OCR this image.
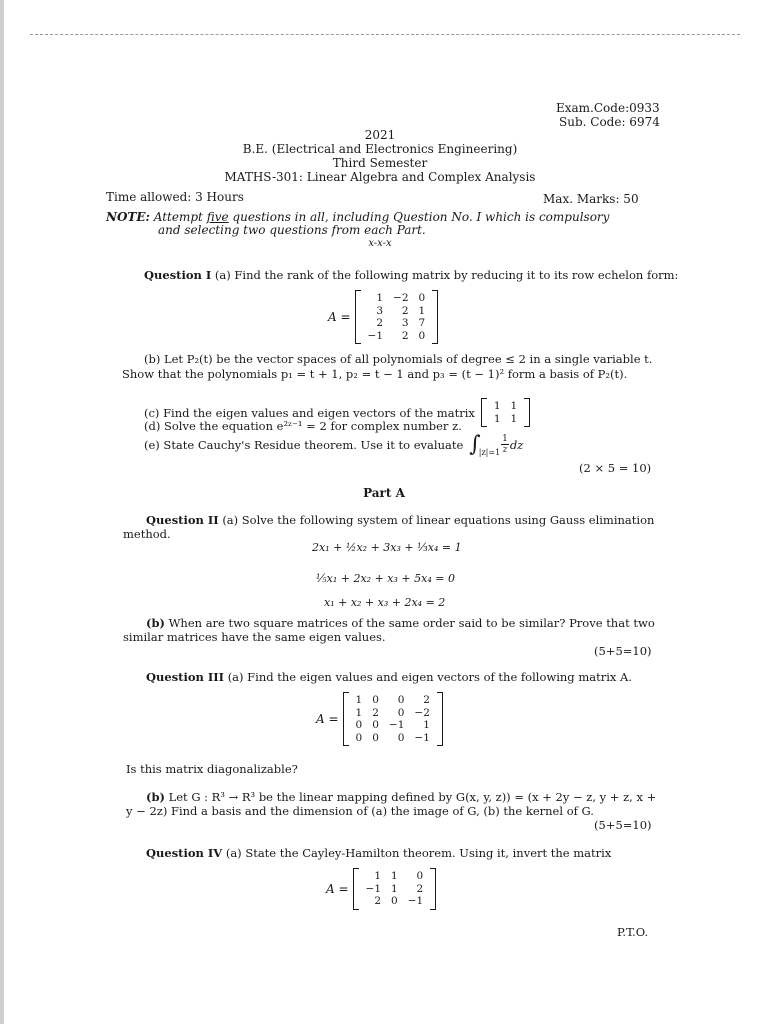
Exam.Code:0933
Sub. Code: 6974
2021
B.E. (Electrical and Electronics Engineering)
Third Semester
MATHS-301: Linear Algebra and Complex Analysis
Time allowed: 3 Hours	Max. Marks: 50
NOTE: Attempt five questions in all, including Question No. I which is compulsory
and selecting two questions from each Part.
x-x-x
Question I (a) Find the rank of the following matrix by reducing it to its row echelon form:
A =
1	−2	0
3	2	1
2	3	7
−1	2	0
(b) Let P₂(t) be the vector spaces of all polynomials of degree ≤ 2 in a single variable t.
Show that the polynomials p₁ = t + 1, p₂ = t − 1 and p₃ = (t − 1)² form a basis of P₂(t).
(c) Find the eigen values and eigen vectors of the matrix 1	1
1	1
(d) Solve the equation e²ᶻ⁻¹ = 2 for complex number z.
(e) State Cauchy's Residue theorem. Use it to evaluate ∫
$|z|=1 \frac{1}{z}$ dz
(2 × 5 = 10)
Part A
Question II (a) Solve the following system of linear equations using Gauss elimination
method.
2x₁ + ½x₂ + 3x₃ + ⅓x₄ = 1
⅕x₁ + 2x₂ + x₃ + 5x₄ = 0
x₁ + x₂ + x₃ + 2x₄ = 2
(b) When are two square matrices of the same order said to be similar? Prove that two
similar matrices have the same eigen values.
(5+5=10)
Question III (a) Find the eigen values and eigen vectors of the following matrix A.
A =
1	0	0	2
1	2	0	−2
0	0	−1	1
0	0	0	−1
Is this matrix diagonalizable?
(b) Let G : R³ → R³ be the linear mapping defined by G(x, y, z)) = (x + 2y − z, y + z, x +
y − 2z) Find a basis and the dimension of (a) the image of G, (b) the kernel of G.
(5+5=10)
Question IV (a) State the Cayley-Hamilton theorem. Using it, invert the matrix
A =
1	1	0
−1	1	2
2	0	−1
P.T.O.
